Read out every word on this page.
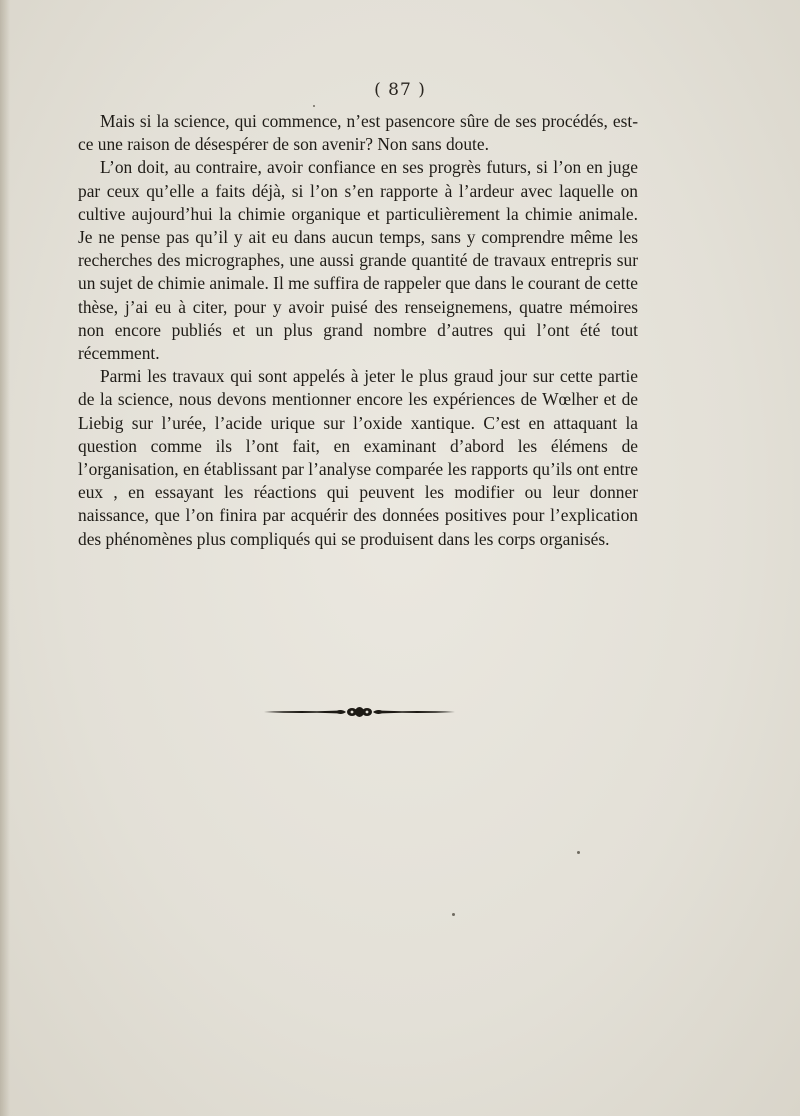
( 87 )

Mais si la science, qui commence, n’est pasencore sûre de ses procédés, est-ce une raison de désespérer de son avenir? Non sans doute.

L’on doit, au contraire, avoir confiance en ses progrès futurs, si l’on en juge par ceux qu’elle a faits déjà, si l’on s’en rapporte à l’ardeur avec laquelle on cultive aujourd’hui la chimie organique et particulièrement la chimie animale. Je ne pense pas qu’il y ait eu dans aucun temps, sans y comprendre même les recherches des micrographes, une aussi grande quantité de travaux entrepris sur un sujet de chimie animale. Il me suffira de rappeler que dans le courant de cette thèse, j’ai eu à citer, pour y avoir puisé des renseignemens, quatre mémoires non encore publiés et un plus grand nombre d’autres qui l’ont été tout récemment.

Parmi les travaux qui sont appelés à jeter le plus graud jour sur cette partie de la science, nous devons mentionner encore les expériences de Wœlher et de Liebig sur l’urée, l’acide urique sur l’oxide xantique. C’est en attaquant la question comme ils l’ont fait, en examinant d’abord les élémens de l’organisation, en établissant par l’analyse comparée les rapports qu’ils ont entre eux , en essayant les réactions qui peuvent les modifier ou leur donner naissance, que l’on finira par acquérir des données positives pour l’explication des phénomènes plus compliqués qui se produisent dans les corps organisés.
